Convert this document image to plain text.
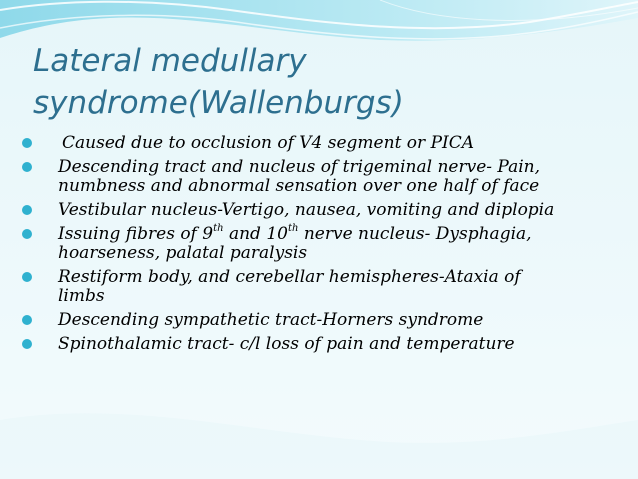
Lateral medullary
syndrome(Wallenburgs)
Caused due to occlusion of V4 segment or PICA
Descending tract and nucleus of trigeminal nerve- Pain,
numbness and abnormal sensation over one half of face
Vestibular nucleus-Vertigo, nausea, vomiting and diplopia
Issuing fibres of 9th and 10th nerve nucleus- Dysphagia,
hoarseness, palatal paralysis
Restiform body, and cerebellar hemispheres-Ataxia of
limbs
Descending sympathetic tract-Horners syndrome
Spinothalamic tract- c/l loss of pain and temperature
